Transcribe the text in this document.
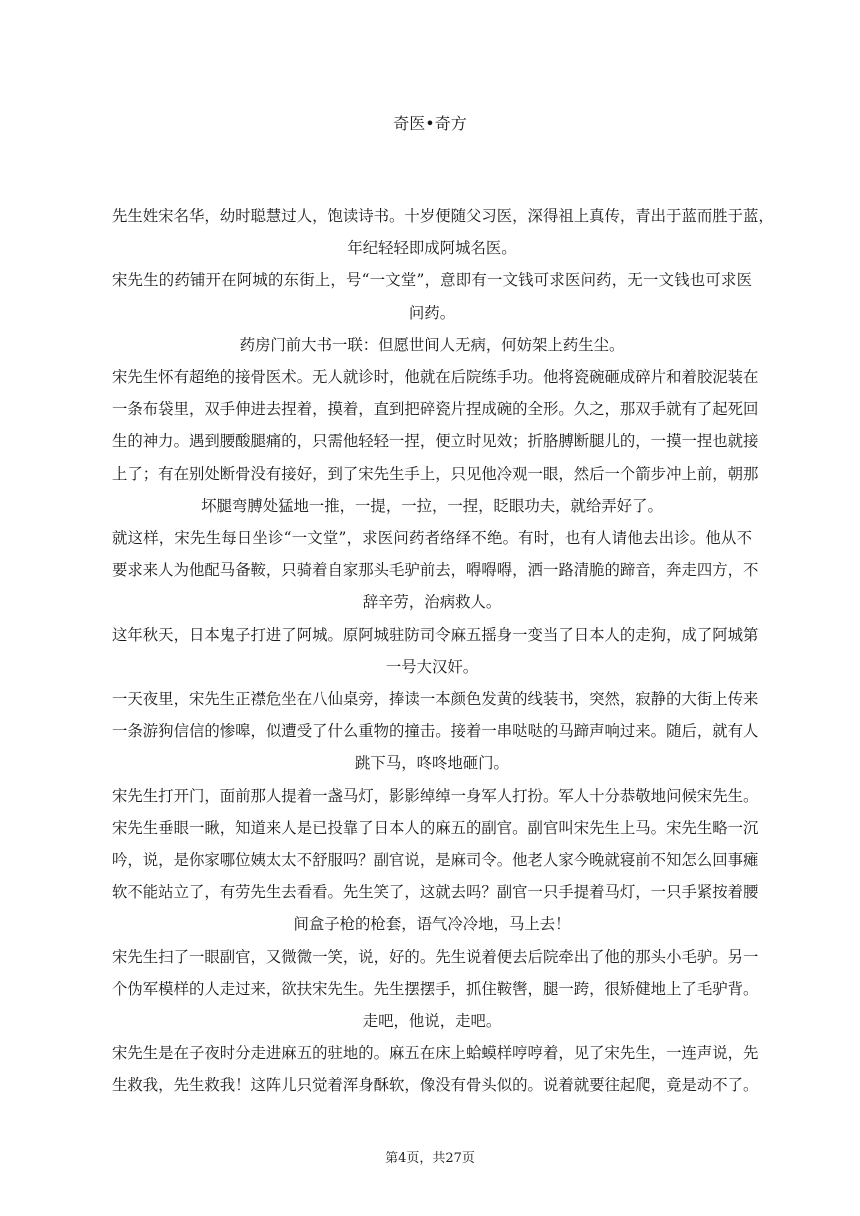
奇医•奇方

先生姓宋名华，幼时聪慧过人，饱读诗书。十岁便随父习医，深得祖上真传，青出于蓝而胜于蓝，
年纪轻轻即成阿城名医。

宋先生的药铺开在阿城的东街上，号“一文堂”，意即有一文钱可求医问药，无一文钱也可求医
问药。

药房门前大书一联：但愿世间人无病，何妨架上药生尘。

宋先生怀有超绝的接骨医术。无人就诊时，他就在后院练手功。他将瓷碗砸成碎片和着胶泥装在
一条布袋里，双手伸进去捏着，摸着，直到把碎瓷片捏成碗的全形。久之，那双手就有了起死回
生的神力。遇到腰酸腿痛的，只需他轻轻一捏，便立时见效；折胳膊断腿儿的，一摸一捏也就接
上了；有在别处断骨没有接好，到了宋先生手上，只见他冷观一眼，然后一个箭步冲上前，朝那
坏腿弯膊处猛地一推，一提，一拉，一捏，眨眼功夫，就给弄好了。

就这样，宋先生每日坐诊“一文堂”，求医问药者络绎不绝。有时，也有人请他去出诊。他从不
要求来人为他配马备鞍，只骑着自家那头毛驴前去，嘚嘚嘚，洒一路清脆的蹄音，奔走四方，不
辞辛劳，治病救人。

这年秋天，日本鬼子打进了阿城。原阿城驻防司令麻五摇身一变当了日本人的走狗，成了阿城第
一号大汉奸。

一天夜里，宋先生正襟危坐在八仙桌旁，捧读一本颜色发黄的线装书，突然，寂静的大街上传来
一条游狗信信的惨嗥，似遭受了什么重物的撞击。接着一串哒哒的马蹄声响过来。随后，就有人
跳下马，咚咚地砸门。

宋先生打开门，面前那人提着一盏马灯，影影绰绰一身军人打扮。军人十分恭敬地问候宋先生。

宋先生垂眼一瞅，知道来人是已投靠了日本人的麻五的副官。副官叫宋先生上马。宋先生略一沉
吟，说，是你家哪位姨太太不舒服吗？副官说，是麻司令。他老人家今晚就寝前不知怎么回事瘫
软不能站立了，有劳先生去看看。先生笑了，这就去吗？副官一只手提着马灯，一只手紧按着腰
间盒子枪的枪套，语气冷冷地，马上去！

宋先生扫了一眼副官，又微微一笑，说，好的。先生说着便去后院牵出了他的那头小毛驴。另一
个伪军模样的人走过来，欲扶宋先生。先生摆摆手，抓住鞍辔，腿一跨，很矫健地上了毛驴背。
走吧，他说，走吧。

宋先生是在子夜时分走进麻五的驻地的。麻五在床上蛤蟆样哼哼着，见了宋先生，一连声说，先
生救我，先生救我！这阵儿只觉着浑身酥软，像没有骨头似的。说着就要往起爬，竟是动不了。

第4页，共27页
